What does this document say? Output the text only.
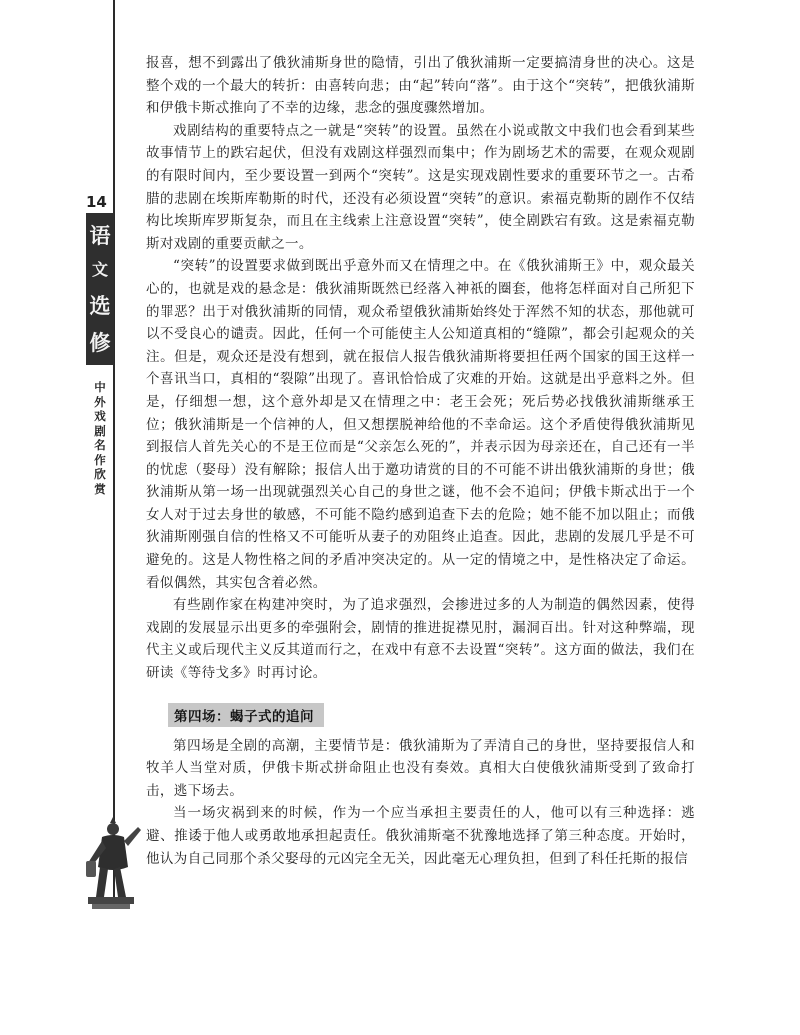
14
语
文
选
修
中外戏剧名作欣赏

报喜，想不到露出了俄狄浦斯身世的隐情，引出了俄狄浦斯一定要搞清身世的决心。这是整个戏的一个最大的转折：由喜转向悲；由“起”转向“落”。由于这个“突转”，把俄狄浦斯和伊俄卡斯忒推向了不幸的边缘，悲念的强度骤然增加。

戏剧结构的重要特点之一就是“突转”的设置。虽然在小说或散文中我们也会看到某些故事情节上的跌宕起伏，但没有戏剧这样强烈而集中；作为剧场艺术的需要，在观众观剧的有限时间内，至少要设置一到两个“突转”。这是实现戏剧性要求的重要环节之一。古希腊的悲剧在埃斯库勒斯的时代，还没有必须设置“突转”的意识。索福克勒斯的剧作不仅结构比埃斯库罗斯复杂，而且在主线索上注意设置“突转”，使全剧跌宕有致。这是索福克勒斯对戏剧的重要贡献之一。

“突转”的设置要求做到既出乎意外而又在情理之中。在《俄狄浦斯王》中，观众最关心的，也就是戏的悬念是：俄狄浦斯既然已经落入神祇的圈套，他将怎样面对自己所犯下的罪恶？出于对俄狄浦斯的同情，观众希望俄狄浦斯始终处于浑然不知的状态，那他就可以不受良心的谴责。因此，任何一个可能使主人公知道真相的“缝隙”，都会引起观众的关注。但是，观众还是没有想到，就在报信人报告俄狄浦斯将要担任两个国家的国王这样一个喜讯当口，真相的“裂隙”出现了。喜讯恰恰成了灾难的开始。这就是出乎意料之外。但是，仔细想一想，这个意外却是又在情理之中：老王会死；死后势必找俄狄浦斯继承王位；俄狄浦斯是一个信神的人，但又想摆脱神给他的不幸命运。这个矛盾使得俄狄浦斯见到报信人首先关心的不是王位而是“父亲怎么死的”，并表示因为母亲还在，自己还有一半的忧虑（娶母）没有解除；报信人出于邀功请赏的目的不可能不讲出俄狄浦斯的身世；俄狄浦斯从第一场一出现就强烈关心自己的身世之谜，他不会不追问；伊俄卡斯忒出于一个女人对于过去身世的敏感，不可能不隐约感到追查下去的危险；她不能不加以阻止；而俄狄浦斯刚强自信的性格又不可能听从妻子的劝阻终止追查。因此，悲剧的发展几乎是不可避免的。这是人物性格之间的矛盾冲突决定的。从一定的情境之中，是性格决定了命运。看似偶然，其实包含着必然。

有些剧作家在构建冲突时，为了追求强烈，会掺进过多的人为制造的偶然因素，使得戏剧的发展显示出更多的牵强附会，剧情的推进捉襟见肘，漏洞百出。针对这种弊端，现代主义或后现代主义反其道而行之，在戏中有意不去设置“突转”。这方面的做法，我们在研读《等待戈多》时再讨论。

第四场：蝎子式的追问

第四场是全剧的高潮，主要情节是：俄狄浦斯为了弄清自己的身世，坚持要报信人和牧羊人当堂对质，伊俄卡斯忒拼命阻止也没有奏效。真相大白使俄狄浦斯受到了致命打击，逃下场去。

当一场灾祸到来的时候，作为一个应当承担主要责任的人，他可以有三种选择：逃避、推诿于他人或勇敢地承担起责任。俄狄浦斯毫不犹豫地选择了第三种态度。开始时，他认为自己同那个杀父娶母的元凶完全无关，因此毫无心理负担，但到了科任托斯的报信
